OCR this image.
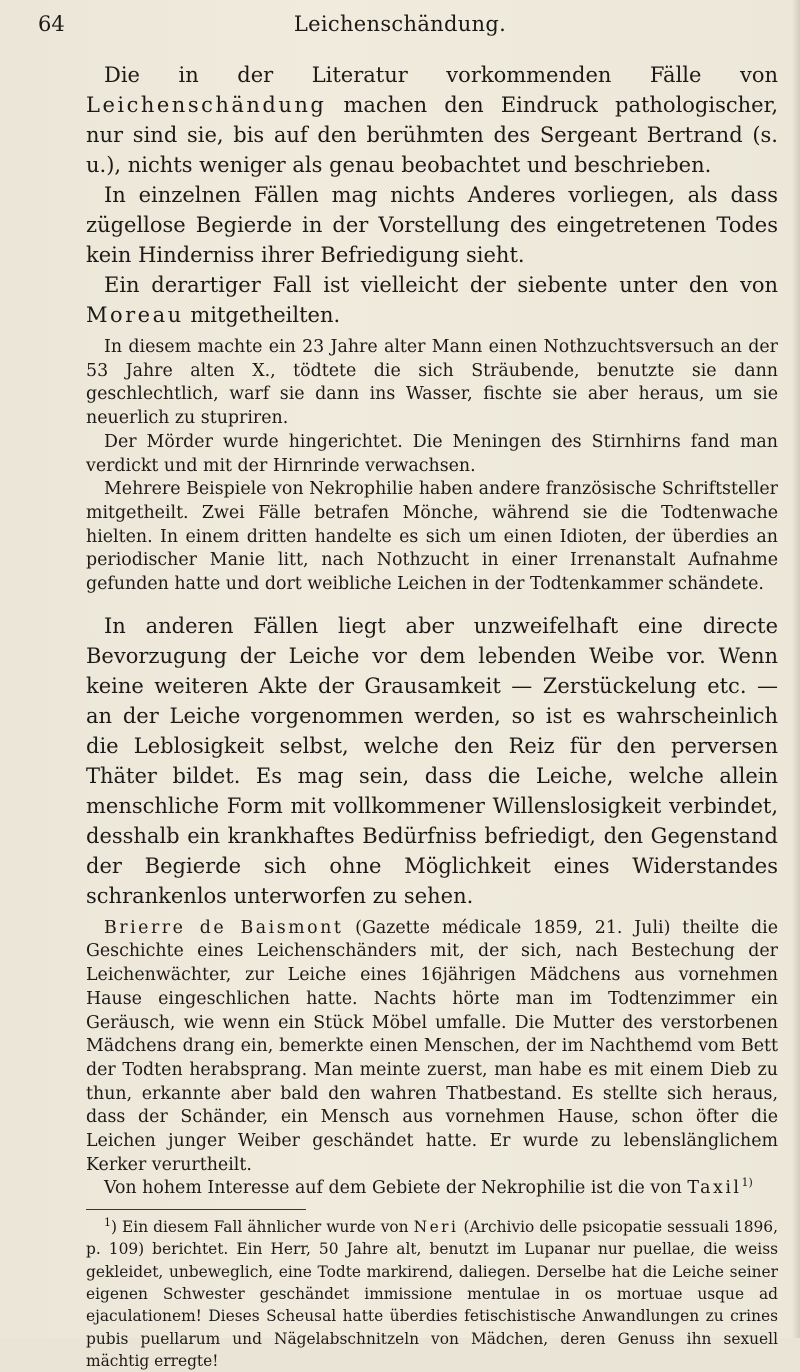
64	Leichenschändung.

Die in der Literatur vorkommenden Fälle von Leichenschändung machen den Eindruck pathologischer, nur sind sie, bis auf den berühmten des Sergeant Bertrand (s. u.), nichts weniger als genau beobachtet und beschrieben.

In einzelnen Fällen mag nichts Anderes vorliegen, als dass zügellose Begierde in der Vorstellung des eingetretenen Todes kein Hinderniss ihrer Befriedigung sieht.

Ein derartiger Fall ist vielleicht der siebente unter den von Moreau mitgetheilten.

In diesem machte ein 23 Jahre alter Mann einen Nothzuchtsversuch an der 53 Jahre alten X., tödtete die sich Sträubende, benutzte sie dann geschlechtlich, warf sie dann ins Wasser, fischte sie aber heraus, um sie neuerlich zu stupriren.

Der Mörder wurde hingerichtet. Die Meningen des Stirnhirns fand man verdickt und mit der Hirnrinde verwachsen.

Mehrere Beispiele von Nekrophilie haben andere französische Schriftsteller mitgetheilt. Zwei Fälle betrafen Mönche, während sie die Todtenwache hielten. In einem dritten handelte es sich um einen Idioten, der überdies an periodischer Manie litt, nach Nothzucht in einer Irrenanstalt Aufnahme gefunden hatte und dort weibliche Leichen in der Todtenkammer schändete.

In anderen Fällen liegt aber unzweifelhaft eine directe Bevorzugung der Leiche vor dem lebenden Weibe vor. Wenn keine weiteren Akte der Grausamkeit — Zerstückelung etc. — an der Leiche vorgenommen werden, so ist es wahrscheinlich die Leblosigkeit selbst, welche den Reiz für den perversen Thäter bildet. Es mag sein, dass die Leiche, welche allein menschliche Form mit vollkommener Willenslosigkeit verbindet, desshalb ein krankhaftes Bedürfniss befriedigt, den Gegenstand der Begierde sich ohne Möglichkeit eines Widerstandes schrankenlos unterworfen zu sehen.

Brierre de Baismont (Gazette médicale 1859, 21. Juli) theilte die Geschichte eines Leichenschänders mit, der sich, nach Bestechung der Leichenwächter, zur Leiche eines 16jährigen Mädchens aus vornehmen Hause eingeschlichen hatte. Nachts hörte man im Todtenzimmer ein Geräusch, wie wenn ein Stück Möbel umfalle. Die Mutter des verstorbenen Mädchens drang ein, bemerkte einen Menschen, der im Nachthemd vom Bett der Todten herabsprang. Man meinte zuerst, man habe es mit einem Dieb zu thun, erkannte aber bald den wahren Thatbestand. Es stellte sich heraus, dass der Schänder, ein Mensch aus vornehmen Hause, schon öfter die Leichen junger Weiber geschändet hatte. Er wurde zu lebenslänglichem Kerker verurtheilt.

Von hohem Interesse auf dem Gebiete der Nekrophilie ist die von Taxil$^{1)}$

$^1$) Ein diesem Fall ähnlicher wurde von Neri (Archivio delle psicopatie sessuali 1896, p. 109) berichtet. Ein Herr, 50 Jahre alt, benutzt im Lupanar nur puellae, die weiss gekleidet, unbeweglich, eine Todte markirend, daliegen. Derselbe hat die Leiche seiner eigenen Schwester geschändet immissione mentulae in os mortuae usque ad ejaculationem! Dieses Scheusal hatte überdies fetischistische Anwandlungen zu crines pubis puellarum und Nägelabschnitzeln von Mädchen, deren Genuss ihn sexuell mächtig erregte!
